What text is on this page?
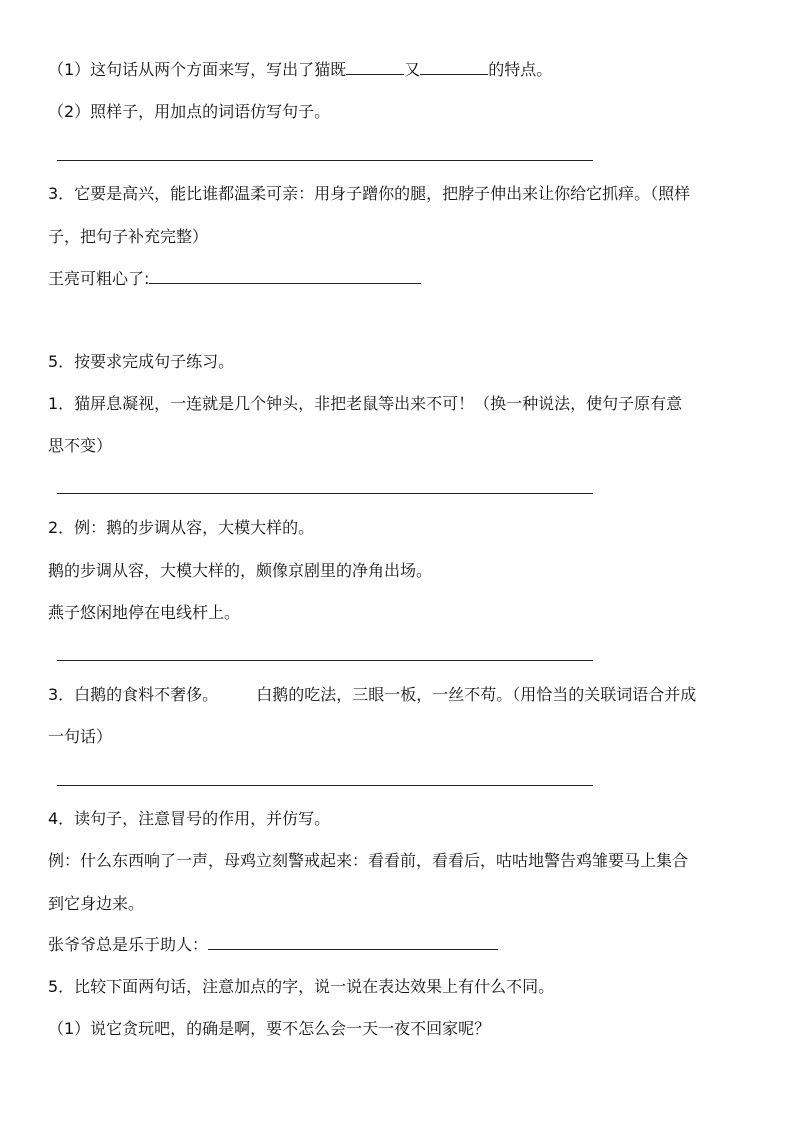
（1）这句话从两个方面来写，写出了猫既	又	的特点。
（2）照样子，用加点的词语仿写句子。
3．它要是高兴，能比谁都温柔可亲：用身子蹭你的腿，把脖子伸出来让你给它抓痒。（照样
子，把句子补充完整）
王亮可粗心了:
5．按要求完成句子练习。
1．猫屏息凝视，一连就是几个钟头，非把老鼠等出来不可！（换一种说法，使句子原有意
思不变）
2．例：鹅的步调从容，大模大样的。
鹅的步调从容，大模大样的，颇像京剧里的净角出场。
燕子悠闲地停在电线杆上。
3．白鹅的食料不奢侈。 白鹅的吃法，三眼一板，一丝不苟。（用恰当的关联词语合并成
一句话）
4．读句子，注意冒号的作用，并仿写。
例：什么东西响了一声，母鸡立刻警戒起来：看看前，看看后，咕咕地警告鸡雏要马上集合
到它身边来。
张爷爷总是乐于助人：
5．比较下面两句话，注意加点的字，说一说在表达效果上有什么不同。
（1）说它贪玩吧，的确是啊，要不怎么会一天一夜不回家呢？
